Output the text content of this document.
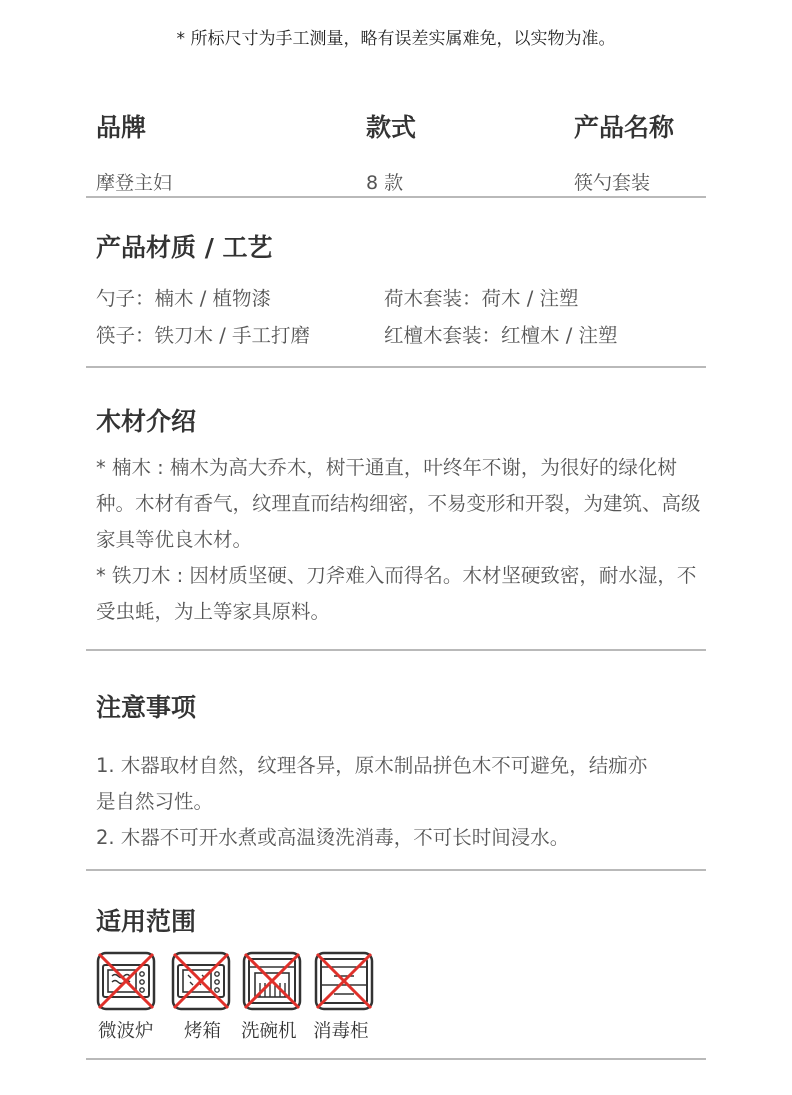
* 所标尺寸为手工测量，略有误差实属难免，以实物为准。
品牌
摩登主妇
款式
8 款
产品名称
筷勺套装
产品材质 / 工艺
勺子：楠木 / 植物漆	荷木套装：荷木 / 注塑
筷子：铁刀木 / 手工打磨	红檀木套装：红檀木 / 注塑
木材介绍

* 楠木 : 楠木为高大乔木，树干通直，叶终年不谢，为很好的绿化树种。木材有香气，纹理直而结构细密，不易变形和开裂，为建筑、高级家具等优良木材。

* 铁刀木 : 因材质坚硬、刀斧难入而得名。木材坚硬致密，耐水湿，不受虫蚝，为上等家具原料。

注意事项
1. 木器取材自然，纹理各异，原木制品拼色木不可避免，结痂亦
是自然习性。
2. 木器不可开水煮或高温烫洗消毒，不可长时间浸水。
适用范围
微波炉 烤箱 洗碗机 消毒柜
